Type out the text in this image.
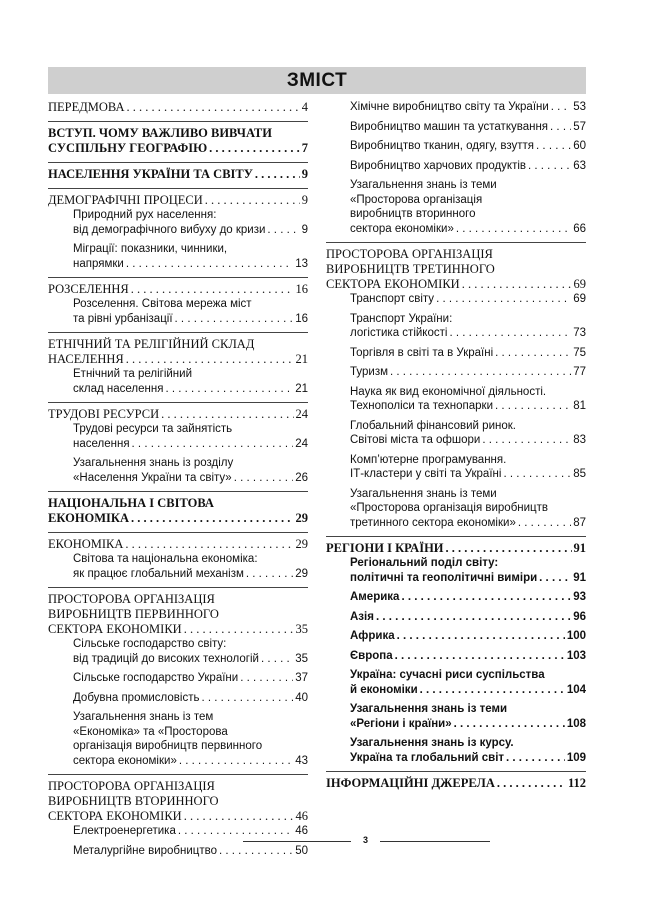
ЗМІСТ
ПЕРЕДМОВА . . .	4
ВСТУП. ЧОМУ ВАЖЛИВО ВИВЧАТИ
СУСПІЛЬНУ ГЕОГРАФІЮ . . .	7
НАСЕЛЕННЯ УКРАЇНИ ТА СВІТУ . . .	9
ДЕМОГРАФІЧНІ ПРОЦЕСИ . . .	9
Природний рух населення:
від демографічного вибуху до кризи . . .	9
Міграції: показники, чинники,
напрямки . . .	13
РОЗСЕЛЕННЯ . . .	16
Розселення. Світова мережа міст
та рівні урбанізації . . .	16
ЕТНІЧНИЙ ТА РЕЛІГІЙНИЙ СКЛАД
НАСЕЛЕННЯ . . .	21
Етнічний та релігійний
склад населення . . .	21
ТРУДОВІ РЕСУРСИ . . .	24
Трудові ресурси та зайнятість
населення . . .	24
Узагальнення знань із розділу
«Населення України та світу» . . .	26
НАЦІОНАЛЬНА І СВІТОВА
ЕКОНОМІКА . . .	29
ЕКОНОМІКА . . .	29
Світова та національна економіка:
як працює глобальний механізм . . .	29
ПРОСТОРОВА ОРГАНІЗАЦІЯ
ВИРОБНИЦТВ ПЕРВИННОГО
СЕКТОРА ЕКОНОМІКИ . . .	35
Сільське господарство світу:
від традицій до високих технологій . . .	35
Сільське господарство України . . .	37
Добувна промисловість . . .	40
Узагальнення знань із тем
«Економіка» та «Просторова
організація виробництв первинного
сектора економіки» . . .	43
ПРОСТОРОВА ОРГАНІЗАЦІЯ
ВИРОБНИЦТВ ВТОРИННОГО
СЕКТОРА ЕКОНОМІКИ . . .	46
Електроенергетика . . .	46
Металургійне виробництво . . .	50
Хімічне виробництво світу та України . . . 53
Виробництво машин та устаткування . . . 57
Виробництво тканин, одягу, взуття . . .	60
Виробництво харчових продуктів . . .	63
Узагальнення знань із теми
«Просторова організація
виробництв вторинного
сектора економіки» . . .	66
ПРОСТОРОВА ОРГАНІЗАЦІЯ
ВИРОБНИЦТВ ТРЕТИННОГО
СЕКТОРА ЕКОНОМІКИ . . .	69
Транспорт світу . . .	69
Транспорт України:
логістика стійкості . . .	73
Торгівля в світі та в Україні . . .	75
Туризм . . .	77
Наука як вид економічної діяльності.
Технополіси та технопарки . . .	81
Глобальний фінансовий ринок.
Світові міста та офшори . . .	83
Комп’ютерне програмування.
ІТ-кластери у світі та Україні . . .	85
Узагальнення знань із теми
«Просторова організація виробництв
третинного сектора економіки» . . .	87
РЕГІОНИ І КРАЇНИ . . .	91
Регіональний поділ світу:
політичні та геополітичні виміри . . .	91
Америка . . .	93
Азія . . .	96
Африка . . .	100
Європа . . .	103
Україна: сучасні риси суспільства
й економіки . . .	104
Узагальнення знань із теми
«Регіони і країни» . . .	108
Узагальнення знань із курсу.
Україна та глобальний світ . . .	109
ІНФОРМАЦІЙНІ ДЖЕРЕЛА . . .	112
3
